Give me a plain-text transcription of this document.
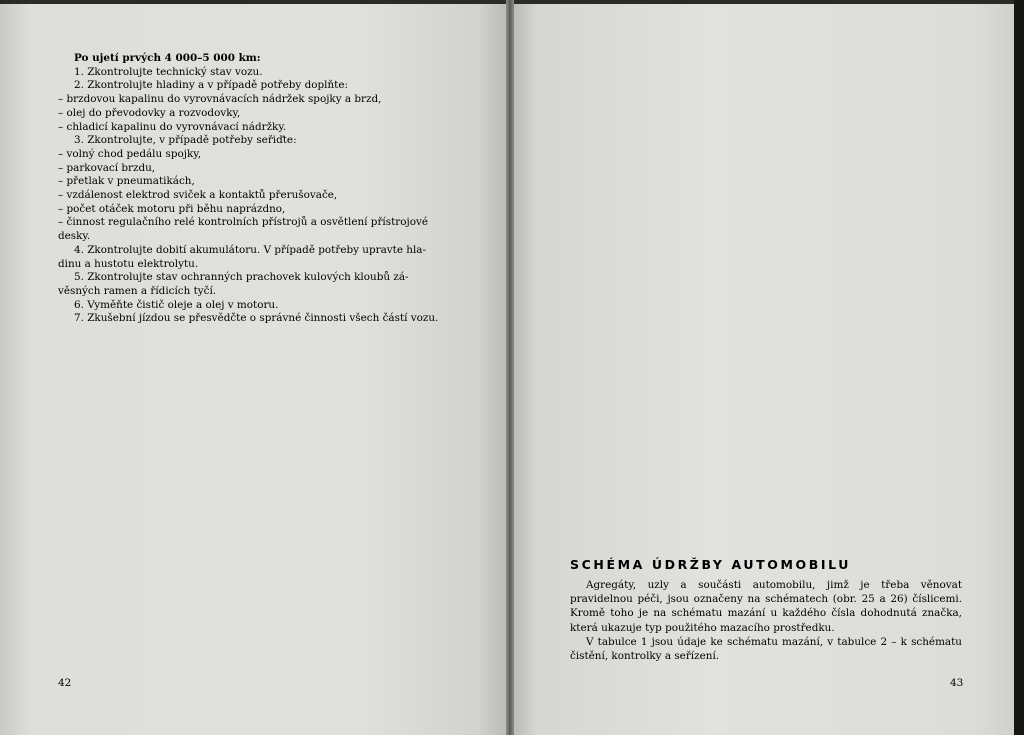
Po ujetí prvých 4 000–5 000 km:
1. Zkontrolujte technický stav vozu.
2. Zkontrolujte hladiny a v případě potřeby doplňte:
– brzdovou kapalinu do vyrovnávacích nádržek spojky a brzd,
– olej do převodovky a rozvodovky,
– chladicí kapalinu do vyrovnávací nádržky.
3. Zkontrolujte, v případě potřeby seřiďte:
– volný chod pedálu spojky,
– parkovací brzdu,
– přetlak v pneumatikách,
– vzdálenost elektrod sviček a kontaktů přerušovače,
– počet otáček motoru při běhu naprázdno,
– činnost regulačního relé kontrolních přístrojů a osvětlení přístrojové
desky.
4. Zkontrolujte dobití akumulátoru. V případě potřeby upravte hla-
dinu a hustotu elektrolytu.
5. Zkontrolujte stav ochranných prachovek kulových kloubů zá-
věsných ramen a řídicích tyčí.
6. Vyměňte čistič oleje a olej v motoru.
7. Zkušební jízdou se přesvědčte o správné činnosti všech částí vozu.
42
SCHÉMA ÚDRŽBY AUTOMOBILU
Agregáty, uzly a součásti automobilu, jimž je třeba věnovat pravidelnou péči, jsou označeny na schématech (obr. 25 a 26) číslicemi. Kromě toho je na schématu mazání u každého čísla dohodnutá značka, která ukazuje typ použitého mazacího prostředku.
V tabulce 1 jsou údaje ke schématu mazání, v tabulce 2 – k schématu čistění, kontrolky a seřízení.
43
